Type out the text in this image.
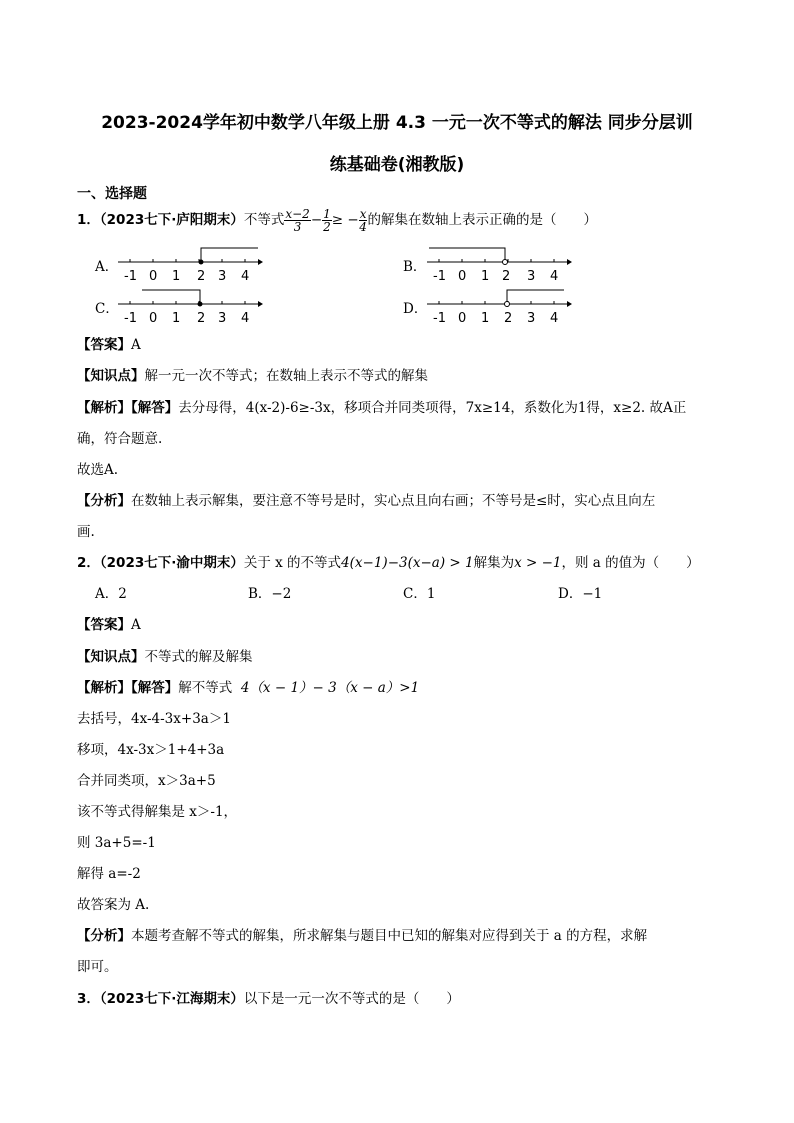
2023-2024学年初中数学八年级上册 4.3 一元一次不等式的解法 同步分层训
练基础卷(湘教版)
一、选择题
1．（2023七下·庐阳期末）不等式 $\frac{x-2}{3} - \frac{1}{2}$ ≥ − $\frac{x}{4}$ 的解集在数轴上表示正确的是（　　）
A．	B．
C．	D．
-1 0 1 2 3 4	-1 0 1 2 3 4
-1 0 1 2 3 4	-1 0 1 2 3 4
【答案】A
【知识点】解一元一次不等式；在数轴上表示不等式的解集
【解析】【解答】去分母得，4(x-2)-6≥-3x，移项合并同类项得，7x≥14，系数化为1得，x≥2. 故A正
确，符合题意.
故选A.
【分析】在数轴上表示解集，要注意不等号是时，实心点且向右画；不等号是≤时，实心点且向左
画.
2．（2023七下·渝中期末）关于 x 的不等式4(x−1)−3(x−a) > 1解集为x > −1，则 a 的值为（　　）
A．2	B．−2	C．1	D．−1
【答案】A
【知识点】不等式的解及解集
【解析】【解答】解不等式 4（x − 1）− 3（x − a）>1
去括号，4x-4-3x+3a＞1
移项，4x-3x＞1+4+3a
合并同类项，x＞3a+5
该不等式得解集是 x＞-1，
则 3a+5=-1
解得 a=-2
故答案为 A.
【分析】本题考查解不等式的解集，所求解集与题目中已知的解集对应得到关于 a 的方程，求解
即可。
3．（2023七下·江海期末）以下是一元一次不等式的是（　　）
